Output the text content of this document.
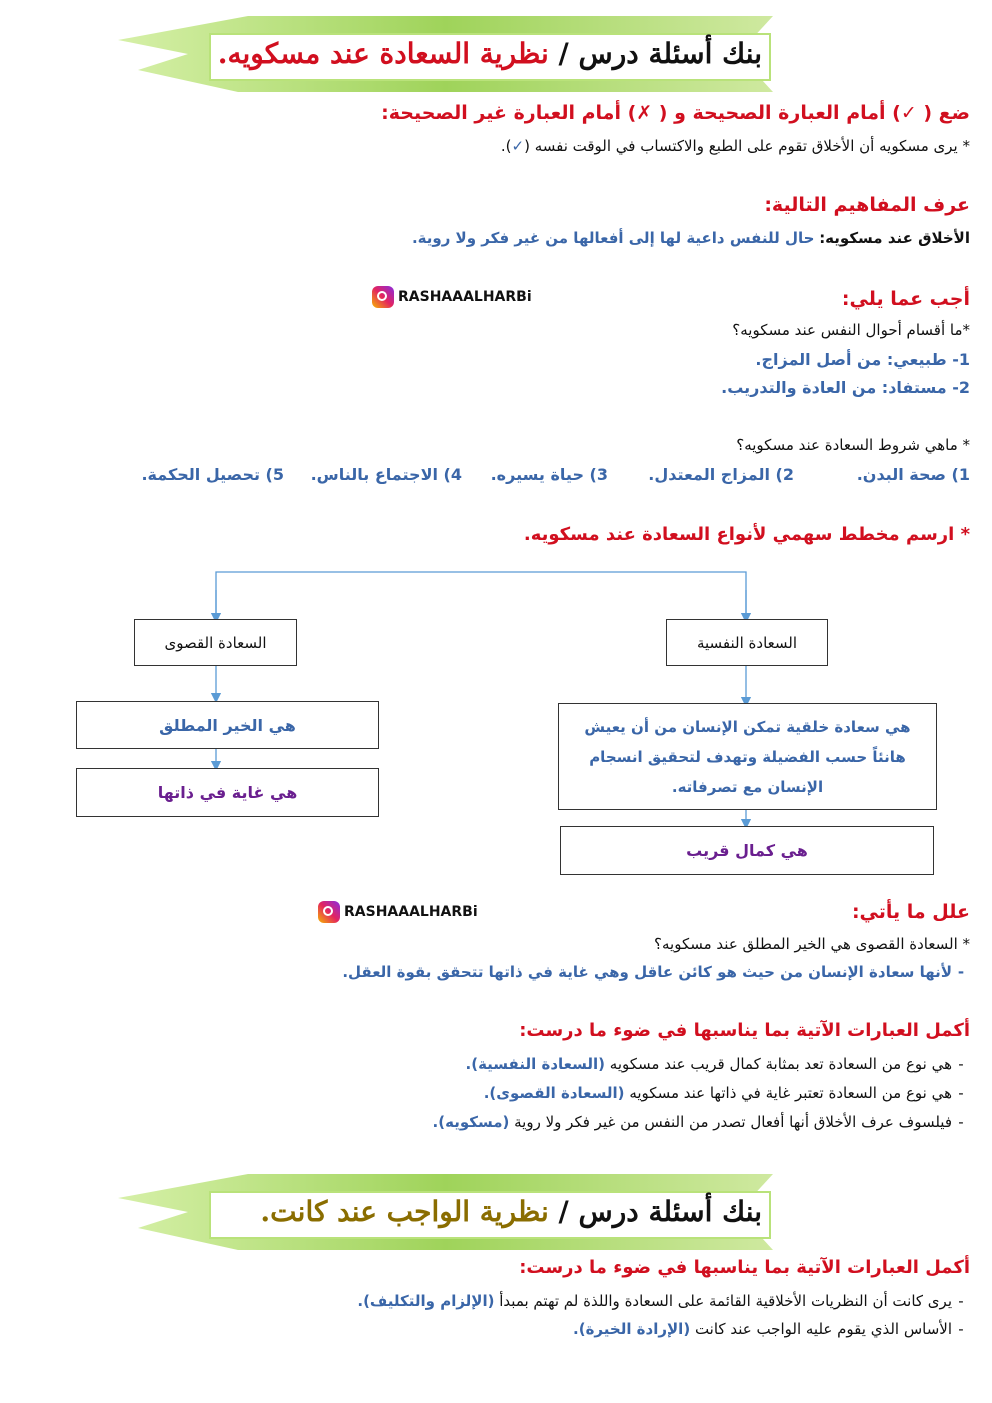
بنك أسئلة درس / نظرية السعادة عند مسكويه.
ضع ( ✓) أمام العبارة الصحيحة و ( ✗) أمام العبارة غير الصحيحة:
* يرى مسكويه أن الأخلاق تقوم على الطبع والاكتساب في الوقت نفسه (✓).
عرف المفاهيم التالية:
الأخلاق عند مسكويه: حال للنفس داعية لها إلى أفعالها من غير فكر ولا روية.
RASHAAALHARBi	أجب عما يلي:
*ما أقسام أحوال النفس عند مسكويه؟
1- طبيعي: من أصل المزاج.
2- مستفاد: من العادة والتدريب.
* ماهي شروط السعادة عند مسكويه؟
1) صحة البدن.
2) المزاج المعتدل.
3) حياة يسيره.
4) الاجتماع بالناس.
5) تحصيل الحكمة.
* ارسم مخطط سهمي لأنواع السعادة عند مسكويه.
السعادة النفسية
السعادة القصوى
هي سعادة خلقية تمكن الإنسان من أن يعيش هانئاً حسب الفضيلة وتهدف لتحقيق انسجام الإنسان مع تصرفاته.
هي الخير المطلق
هي غاية في ذاتها
هي كمال قريب
RASHAAALHARBi	علل ما يأتي:
* السعادة القصوى هي الخير المطلق عند مسكويه؟
-لأنها سعادة الإنسان من حيث هو كائن عاقل وهي غاية في ذاتها تتحقق بقوة العقل.
أكمل العبارات الآتية بما يناسبها في ضوء ما درست:
-هي نوع من السعادة تعد بمثابة كمال قريب عند مسكويه (السعادة النفسية).
-هي نوع من السعادة تعتبر غاية في ذاتها عند مسكويه (السعادة القصوى).
-فيلسوف عرف الأخلاق أنها أفعال تصدر من النفس من غير فكر ولا روية (مسكويه).
بنك أسئلة درس / نظرية الواجب عند كانت.
أكمل العبارات الآتية بما يناسبها في ضوء ما درست:
-يرى كانت أن النظريات الأخلاقية القائمة على السعادة واللذة لم تهتم بمبدأ (الإلزام والتكليف).
-الأساس الذي يقوم عليه الواجب عند كانت (الإرادة الخيرة).
